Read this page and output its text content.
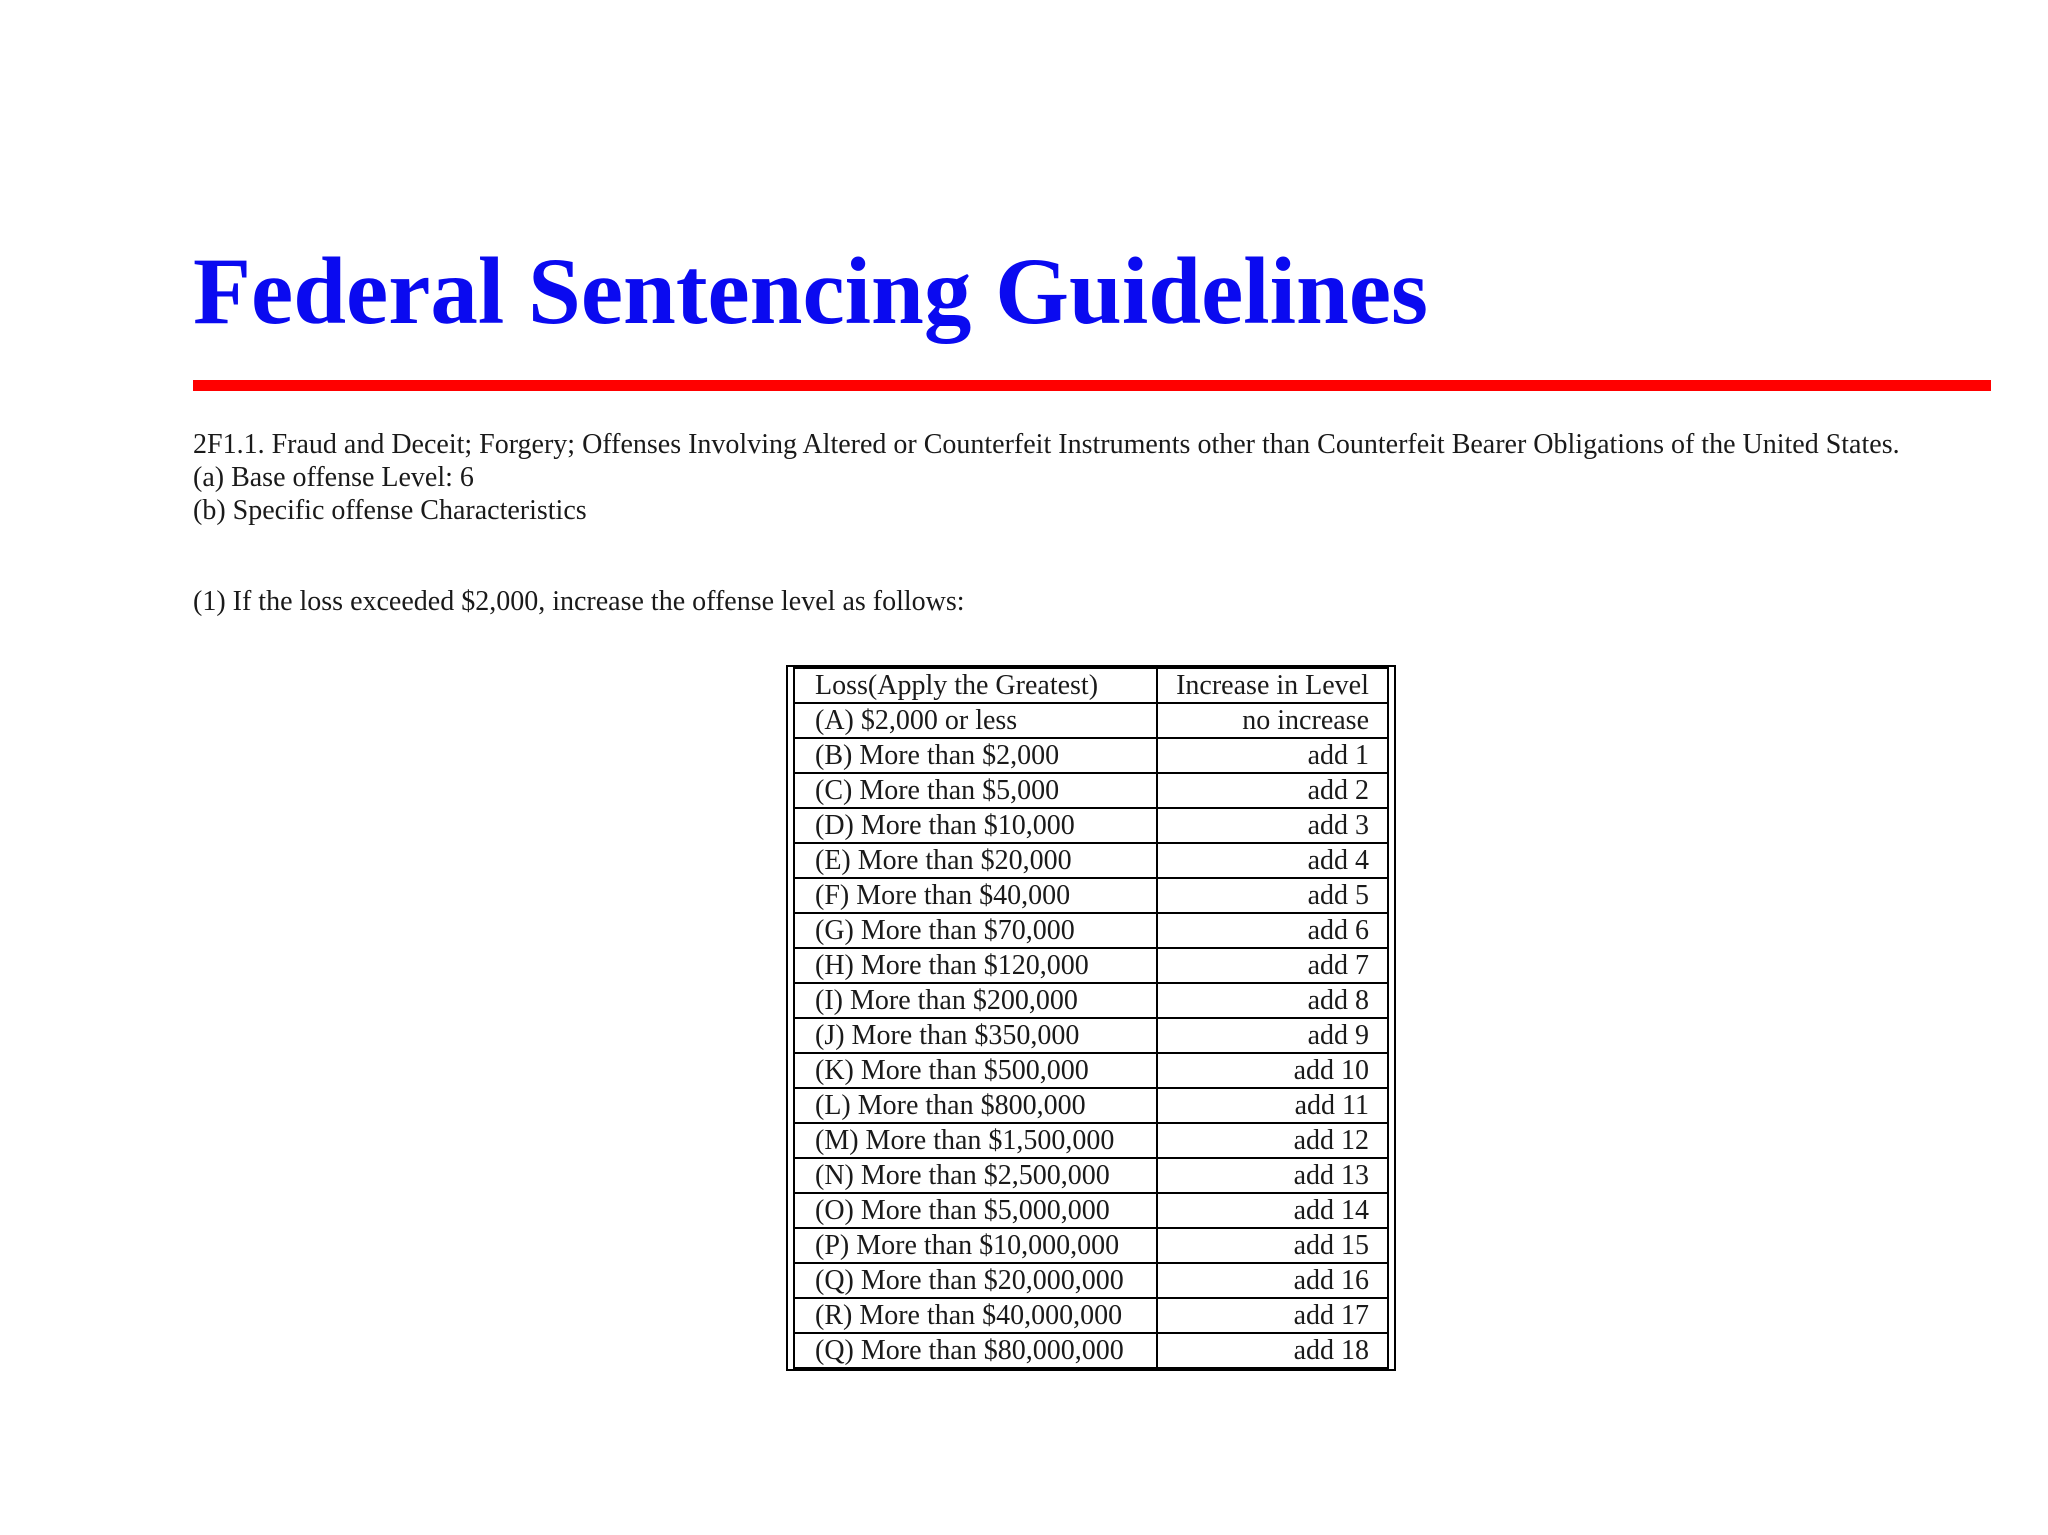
Federal Sentencing Guidelines
2F1.1. Fraud and Deceit; Forgery; Offenses Involving Altered or Counterfeit Instruments other than Counterfeit Bearer Obligations of the United States.
(a) Base offense Level: 6
(b) Specific offense Characteristics
(1) If the loss exceeded $2,000, increase the offense level as follows:
Loss(Apply the Greatest)	Increase in Level
(A) $2,000 or less	no increase
(B) More than $2,000	add 1
(C) More than $5,000	add 2
(D) More than $10,000	add 3
(E) More than $20,000	add 4
(F) More than $40,000	add 5
(G) More than $70,000	add 6
(H) More than $120,000	add 7
(I) More than $200,000	add 8
(J) More than $350,000	add 9
(K) More than $500,000	add 10
(L) More than $800,000	add 11
(M) More than $1,500,000	add 12
(N) More than $2,500,000	add 13
(O) More than $5,000,000	add 14
(P) More than $10,000,000	add 15
(Q) More than $20,000,000	add 16
(R) More than $40,000,000	add 17
(Q) More than $80,000,000	add 18
